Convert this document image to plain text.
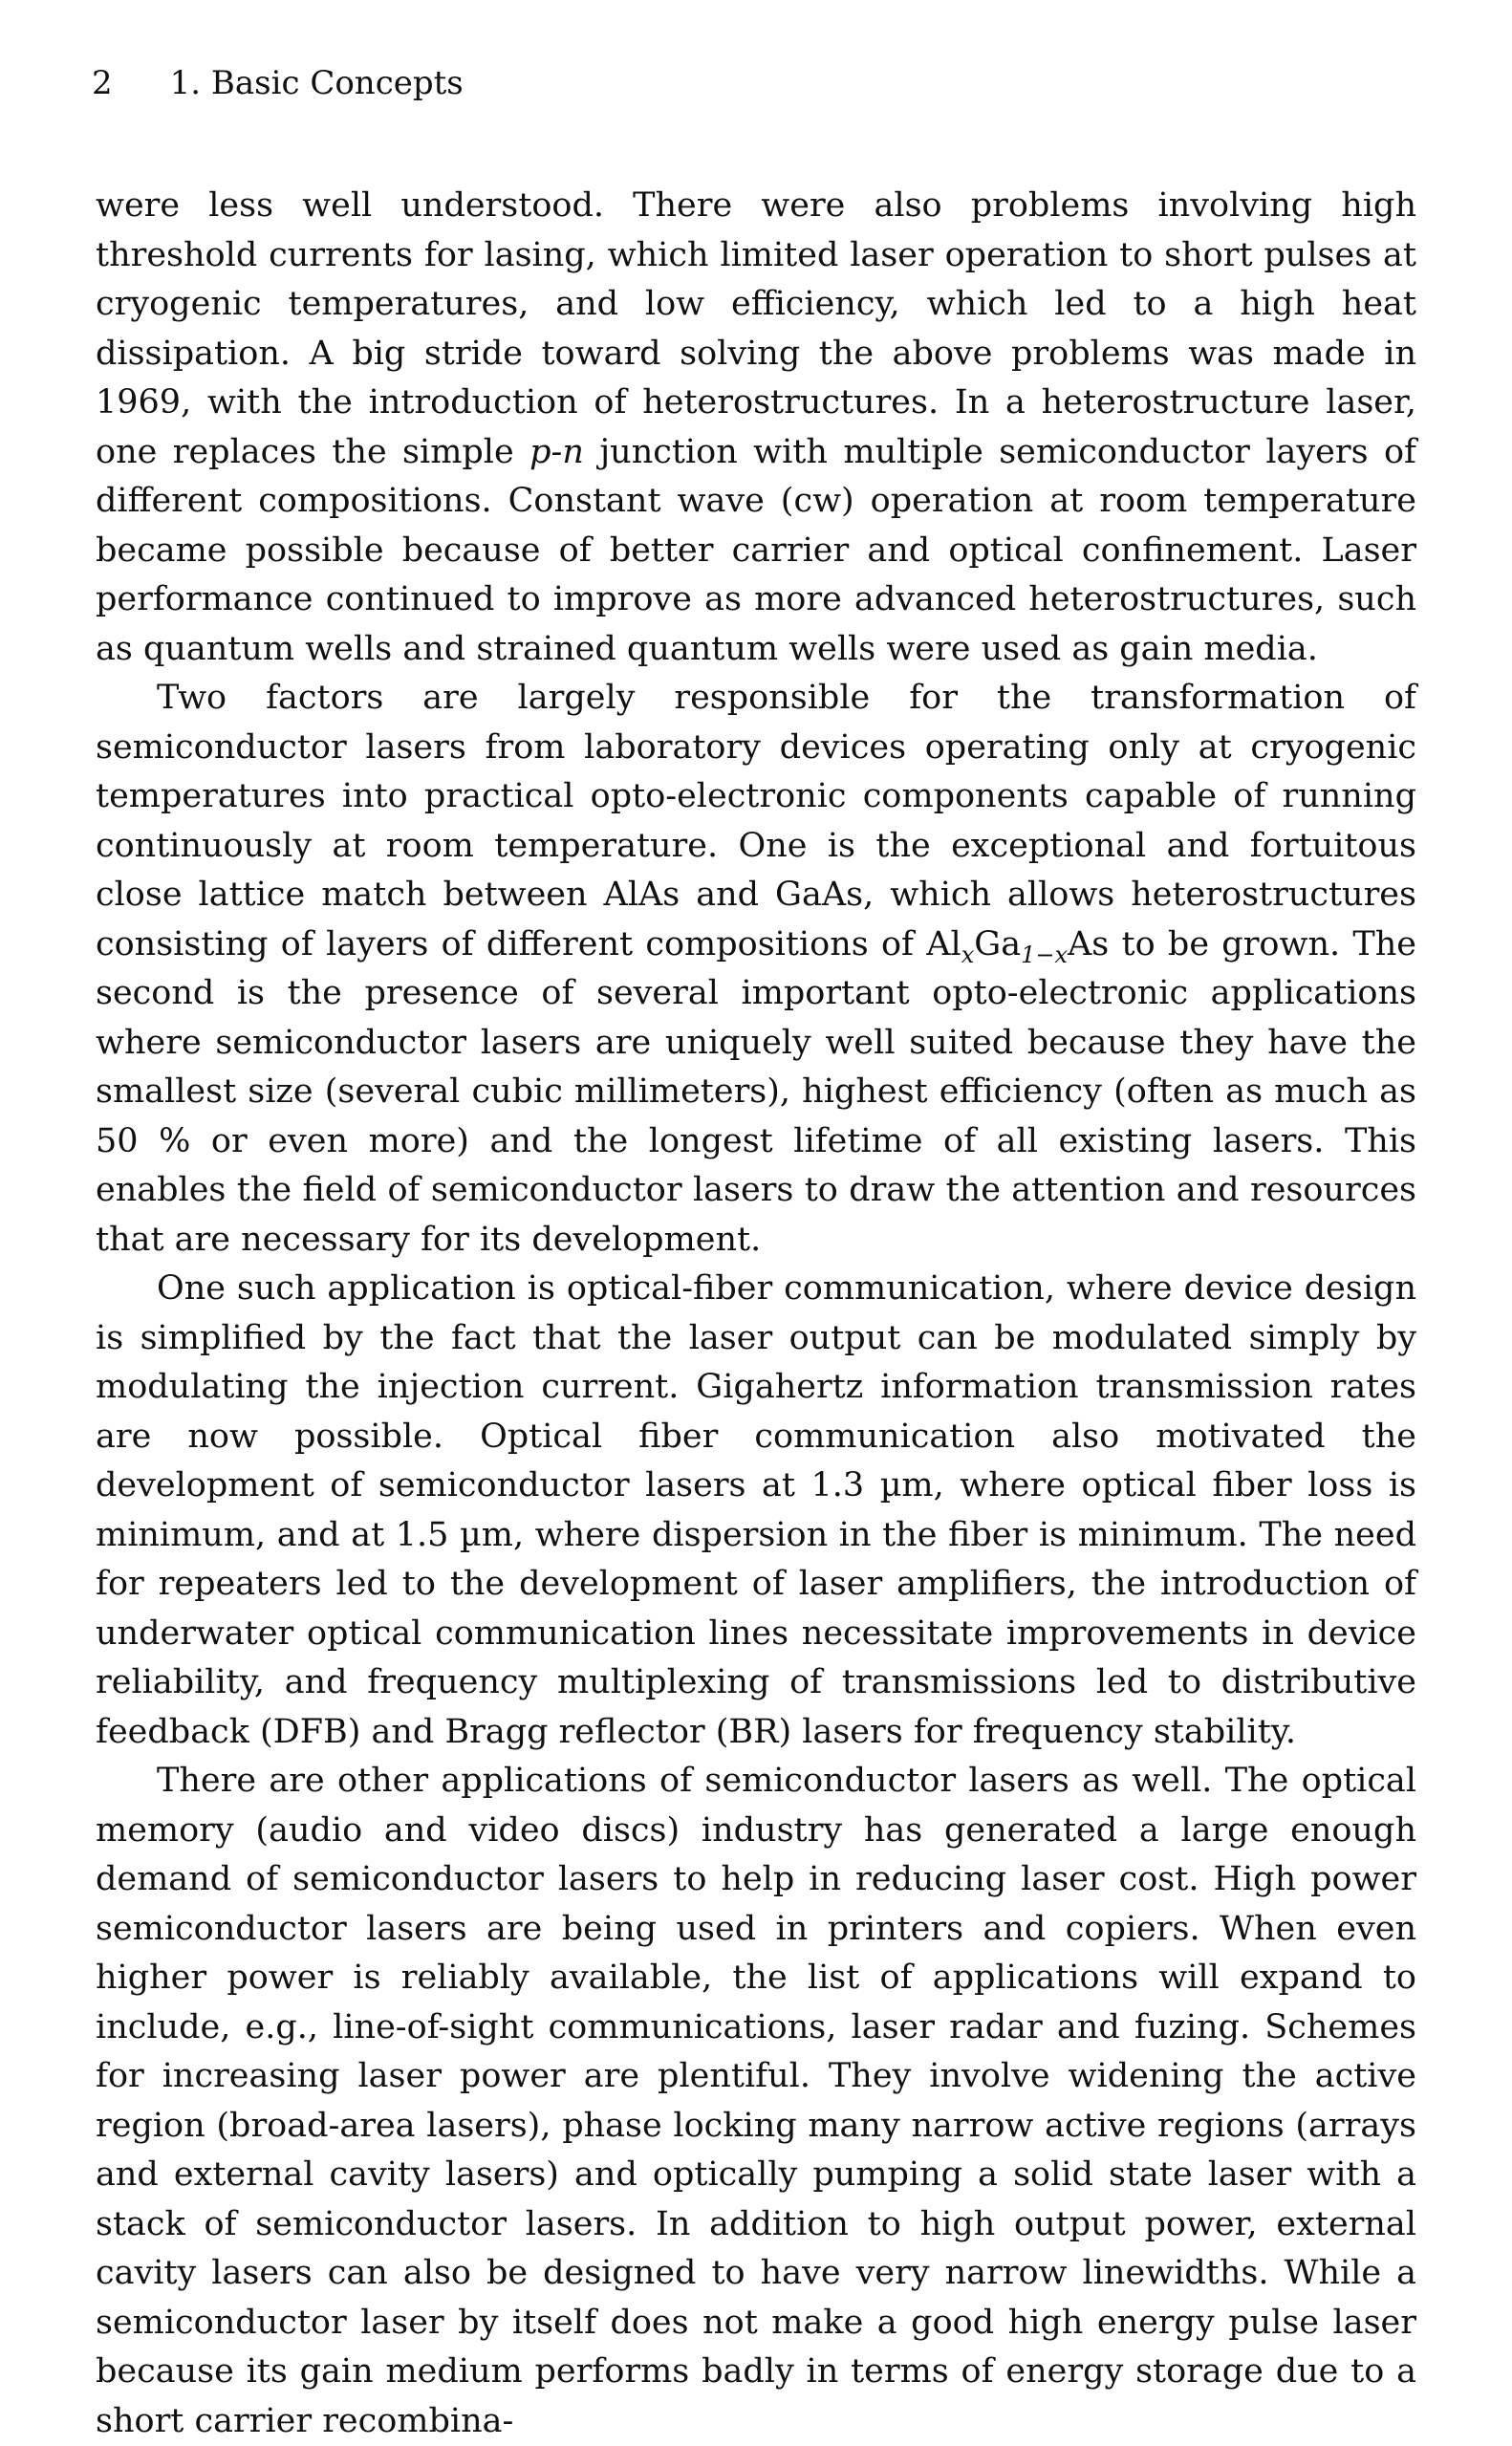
2 1. Basic Concepts

were less well understood. There were also problems involving high threshold currents for lasing, which limited laser operation to short pulses at cryogenic temperatures, and low efficiency, which led to a high heat dissipation. A big stride toward solving the above problems was made in 1969, with the introduction of heterostructures. In a heterostructure laser, one replaces the simple p-n junction with multiple semiconductor layers of different compositions. Constant wave (cw) operation at room temperature became possible because of better carrier and optical confinement. Laser performance continued to improve as more advanced heterostructures, such as quantum wells and strained quantum wells were used as gain media.

Two factors are largely responsible for the transformation of semiconductor lasers from laboratory devices operating only at cryogenic temperatures into practical opto-electronic components capable of running continuously at room temperature. One is the exceptional and fortuitous close lattice match between AlAs and GaAs, which allows heterostructures consisting of layers of different compositions of $Al_xGa_{1-x}As$ to be grown. The second is the presence of several important opto-electronic applications where semiconductor lasers are uniquely well suited because they have the smallest size (several cubic millimeters), highest efficiency (often as much as 50 % or even more) and the longest lifetime of all existing lasers. This enables the field of semiconductor lasers to draw the attention and resources that are necessary for its development.

One such application is optical-fiber communication, where device design is simplified by the fact that the laser output can be modulated simply by modulating the injection current. Gigahertz information transmission rates are now possible. Optical fiber communication also motivated the development of semiconductor lasers at 1.3 µm, where optical fiber loss is minimum, and at 1.5 µm, where dispersion in the fiber is minimum. The need for repeaters led to the development of laser amplifiers, the introduction of underwater optical communication lines necessitate improvements in device reliability, and frequency multiplexing of transmissions led to distributive feedback (DFB) and Bragg reflector (BR) lasers for frequency stability.

There are other applications of semiconductor lasers as well. The optical memory (audio and video discs) industry has generated a large enough demand of semiconductor lasers to help in reducing laser cost. High power semiconductor lasers are being used in printers and copiers. When even higher power is reliably available, the list of applications will expand to include, e.g., line-of-sight communications, laser radar and fuzing. Schemes for increasing laser power are plentiful. They involve widening the active region (broad-area lasers), phase locking many narrow active regions (arrays and external cavity lasers) and optically pumping a solid state laser with a stack of semiconductor lasers. In addition to high output power, external cavity lasers can also be designed to have very narrow linewidths. While a semiconductor laser by itself does not make a good high energy pulse laser because its gain medium performs badly in terms of energy storage due to a short carrier recombina-
